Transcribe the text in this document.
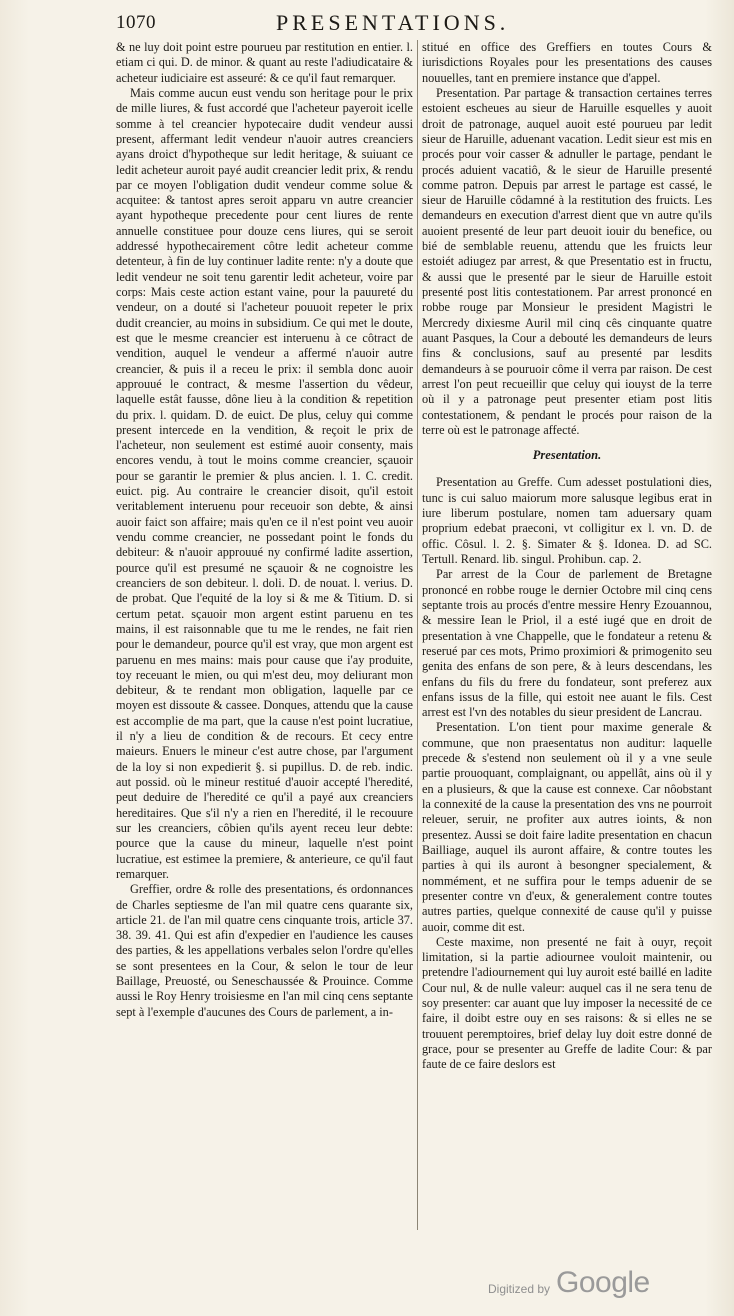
1070	PRESENTATIONS.
& ne luy doit point estre pourueu par restitution en entier. l. etiam ci qui. D. de minor. & quant au reste l'adiudicataire & acheteur iudiciaire est asseuré: & ce qu'il faut remarquer.
Mais comme aucun eust vendu son heritage pour le prix de mille liures, & fust accordé que l'acheteur payeroit icelle somme à tel creancier hypotecaire dudit vendeur aussi present, affermant ledit vendeur n'auoir autres creanciers ayans droict d'hypotheque sur ledit heritage, & suiuant ce ledit acheteur auroit payé audit creancier ledit prix, & rendu par ce moyen l'obligation dudit vendeur comme solue & acquitee: & tantost apres seroit apparu vn autre creancier ayant hypotheque precedente pour cent liures de rente annuelle constituee pour douze cens liures, qui se seroit addressé hypothecairement côtre ledit acheteur comme detenteur, à fin de luy continuer ladite rente: n'y a doute que ledit vendeur ne soit tenu garentir ledit acheteur, voire par corps: Mais ceste action estant vaine, pour la pauureté du vendeur, on a douté si l'acheteur pouuoit repeter le prix dudit creancier, au moins in subsidium. Ce qui met le doute, est que le mesme creancier est interuenu à ce côtract de vendition, auquel le vendeur a affermé n'auoir autre creancier, & puis il a receu le prix: il sembla donc auoir approuué le contract, & mesme l'assertion du vêdeur, laquelle estât fausse, dône lieu à la condition & repetition du prix. l. quidam. D. de euict. De plus, celuy qui comme present intercede en la vendition, & reçoit le prix de l'acheteur, non seulement est estimé auoir consenty, mais encores vendu, à tout le moins comme creancier, sçauoir pour se garantir le premier & plus ancien. l. 1. C. credit. euict. pig. Au contraire le creancier disoit, qu'il estoit veritablement interuenu pour receuoir son debte, & ainsi auoir faict son affaire; mais qu'en ce il n'est point veu auoir vendu comme creancier, ne possedant point le fonds du debiteur: & n'auoir approuué ny confirmé ladite assertion, pource qu'il est presumé ne sçauoir & ne cognoistre les creanciers de son debiteur. l. doli. D. de nouat. l. verius. D. de probat. Que l'equité de la loy si & me & Titium. D. si certum petat. sçauoir mon argent estint paruenu en tes mains, il est raisonnable que tu me le rendes, ne fait rien pour le demandeur, pource qu'il est vray, que mon argent est paruenu en mes mains: mais pour cause que i'ay produite, toy receuant le mien, ou qui m'est deu, moy deliurant mon debiteur, & te rendant mon obligation, laquelle par ce moyen est dissoute & cassee. Donques, attendu que la cause est accomplie de ma part, que la cause n'est point lucratiue, il n'y a lieu de condition & de recours. Et cecy entre maieurs. Enuers le mineur c'est autre chose, par l'argument de la loy si non expedierit §. si pupillus. D. de reb. indic. aut possid. où le mineur restitué d'auoir accepté l'heredité, peut deduire de l'heredité ce qu'il a payé aux creanciers hereditaires. Que s'il n'y a rien en l'heredité, il le recouure sur les creanciers, côbien qu'ils ayent receu leur debte: pource que la cause du mineur, laquelle n'est point lucratiue, est estimee la premiere, & anterieure, ce qu'il faut remarquer.
Greffier, ordre & rolle des presentations, és ordonnances de Charles septiesme de l'an mil quatre cens quarante six, article 21. de l'an mil quatre cens cinquante trois, article 37. 38. 39. 41. Qui est afin d'expedier en l'audience les causes des parties, & les appellations verbales selon l'ordre qu'elles se sont presentees en la Cour, & selon le tour de leur Baillage, Preuosté, ou Seneschaussée & Prouince. Comme aussi le Roy Henry troisiesme en l'an mil cinq cens septante sept à l'exemple d'aucunes des Cours de parlement, a in-
stitué en office des Greffiers en toutes Cours & iurisdictions Royales pour les presentations des causes nouuelles, tant en premiere instance que d'appel.
Presentation. Par partage & transaction certaines terres estoient escheues au sieur de Haruille esquelles y auoit droit de patronage, auquel auoit esté pourueu par ledit sieur de Haruille, aduenant vacation. Ledit sieur est mis en procés pour voir casser & adnuller le partage, pendant le procés aduient vacatiô, & le sieur de Haruille presenté comme patron. Depuis par arrest le partage est cassé, le sieur de Haruille côdamné à la restitution des fruicts. Les demandeurs en execution d'arrest dient que vn autre qu'ils auoient presenté de leur part deuoit iouir du benefice, ou bié de semblable reuenu, attendu que les fruicts leur estoiét adiugez par arrest, & que Presentatio est in fructu, & aussi que le presenté par le sieur de Haruille estoit presenté post litis contestationem. Par arrest prononcé en robbe rouge par Monsieur le president Magistri le Mercredy dixiesme Auril mil cinq cês cinquante quatre auant Pasques, la Cour a debouté les demandeurs de leurs fins & conclusions, sauf au presenté par lesdits demandeurs à se pouruoir côme il verra par raison. De cest arrest l'on peut recueillir que celuy qui iouyst de la terre où il y a patronage peut presenter etiam post litis contestationem, & pendant le procés pour raison de la terre où est le patronage affecté.
Presentation.
Presentation au Greffe. Cum adesset postulationi dies, tunc is cui saluo maiorum more salusque legibus erat in iure liberum postulare, nomen tam aduersary quam proprium edebat praeconi, vt colligitur ex l. vn. D. de offic. Côsul. l. 2. §. Simater & §. Idonea. D. ad SC. Tertull. Renard. lib. singul. Prohibun. cap. 2.
Par arrest de la Cour de parlement de Bretagne prononcé en robbe rouge le dernier Octobre mil cinq cens septante trois au procés d'entre messire Henry Ezouannou, & messire Iean le Priol, il a esté iugé que en droit de presentation à vne Chappelle, que le fondateur a retenu & reserué par ces mots, Primo proximiori & primogenito seu genita des enfans de son pere, & à leurs descendans, les enfans du fils du frere du fondateur, sont preferez aux enfans issus de la fille, qui estoit nee auant le fils. Cest arrest est l'vn des notables du sieur president de Lancrau.
Presentation. L'on tient pour maxime generale & commune, que non praesentatus non auditur: laquelle precede & s'estend non seulement où il y a vne seule partie prouoquant, complaignant, ou appellât, ains où il y en a plusieurs, & que la cause est connexe. Car nôobstant la connexité de la cause la presentation des vns ne pourroit releuer, seruir, ne profiter aux autres ioints, & non presentez. Aussi se doit faire ladite presentation en chacun Bailliage, auquel ils auront affaire, & contre toutes les parties à qui ils auront à besongner specialement, & nommément, et ne suffira pour le temps aduenir de se presenter contre vn d'eux, & generalement contre toutes autres parties, quelque connexité de cause qu'il y puisse auoir, comme dit est.
Ceste maxime, non presenté ne fait à ouyr, reçoit limitation, si la partie adiournee vouloit maintenir, ou pretendre l'adiournement qui luy auroit esté baillé en ladite Cour nul, & de nulle valeur: auquel cas il ne sera tenu de soy presenter: car auant que luy imposer la necessité de ce faire, il doibt estre ouy en ses raisons: & si elles ne se trouuent peremptoires, brief delay luy doit estre donné de grace, pour se presenter au Greffe de ladite Cour: & par faute de ce faire deslors est
Digitized by Google
